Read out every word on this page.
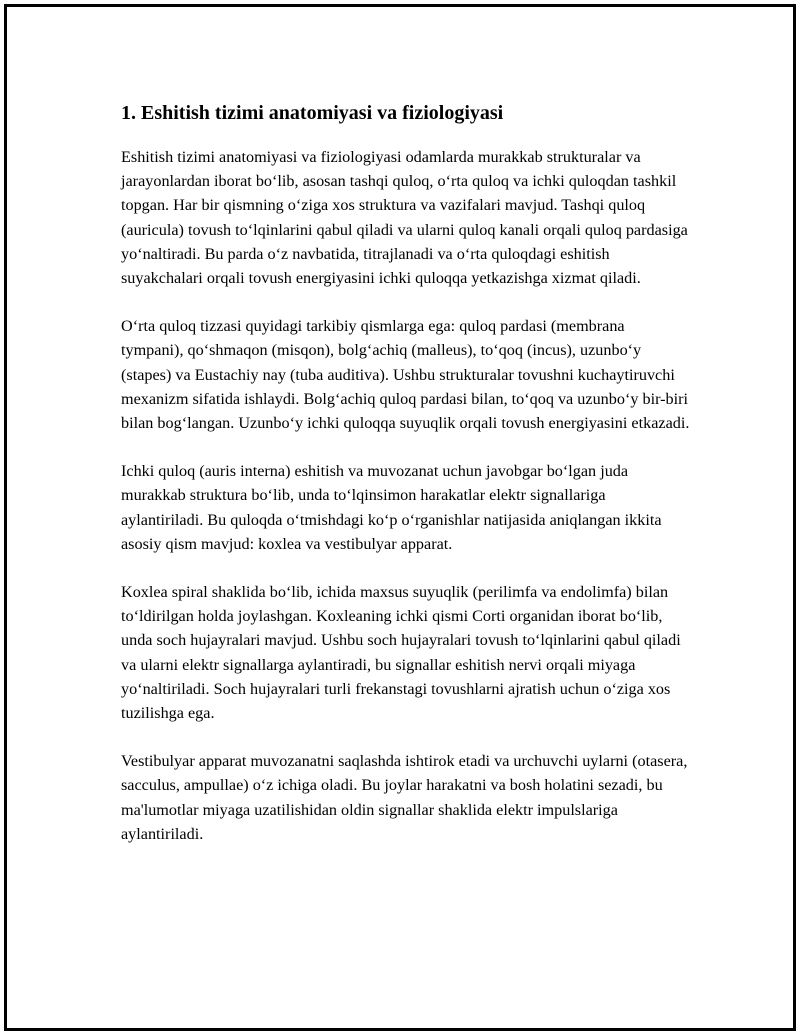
1. Eshitish tizimi anatomiyasi va fiziologiyasi

Eshitish tizimi anatomiyasi va fiziologiyasi odamlarda murakkab strukturalar va jarayonlardan iborat bo‘lib, asosan tashqi quloq, o‘rta quloq va ichki quloqdan tashkil topgan. Har bir qismning o‘ziga xos struktura va vazifalari mavjud. Tashqi quloq (auricula) tovush to‘lqinlarini qabul qiladi va ularni quloq kanali orqali quloq pardasiga yo‘naltiradi. Bu parda o‘z navbatida, titrajlanadi va o‘rta quloqdagi eshitish suyakchalari orqali tovush energiyasini ichki quloqqa yetkazishga xizmat qiladi.

O‘rta quloq tizzasi quyidagi tarkibiy qismlarga ega: quloq pardasi (membrana tympani), qo‘shmaqon (misqon), bolg‘achiq (malleus), to‘qoq (incus), uzunbo‘y (stapes) va Eustachiy nay (tuba auditiva). Ushbu strukturalar tovushni kuchaytiruvchi mexanizm sifatida ishlaydi. Bolg‘achiq quloq pardasi bilan, to‘qoq va uzunbo‘y bir-biri bilan bog‘langan. Uzunbo‘y ichki quloqqa suyuqlik orqali tovush energiyasini etkazadi.

Ichki quloq (auris interna) eshitish va muvozanat uchun javobgar bo‘lgan juda murakkab struktura bo‘lib, unda to‘lqinsimon harakatlar elektr signallariga aylantiriladi. Bu quloqda o‘tmishdagi ko‘p o‘rganishlar natijasida aniqlangan ikkita asosiy qism mavjud: koxlea va vestibulyar apparat.

Koxlea spiral shaklida bo‘lib, ichida maxsus suyuqlik (perilimfa va endolimfa) bilan to‘ldirilgan holda joylashgan. Koxleaning ichki qismi Corti organidan iborat bo‘lib, unda soch hujayralari mavjud. Ushbu soch hujayralari tovush to‘lqinlarini qabul qiladi va ularni elektr signallarga aylantiradi, bu signallar eshitish nervi orqali miyaga yo‘naltiriladi. Soch hujayralari turli frekanstagi tovushlarni ajratish uchun o‘ziga xos tuzilishga ega.

Vestibulyar apparat muvozanatni saqlashda ishtirok etadi va urchuvchi uylarni (otasera, sacculus, ampullae) o‘z ichiga oladi. Bu joylar harakatni va bosh holatini sezadi, bu ma'lumotlar miyaga uzatilishidan oldin signallar shaklida elektr impulslariga aylantiriladi.
